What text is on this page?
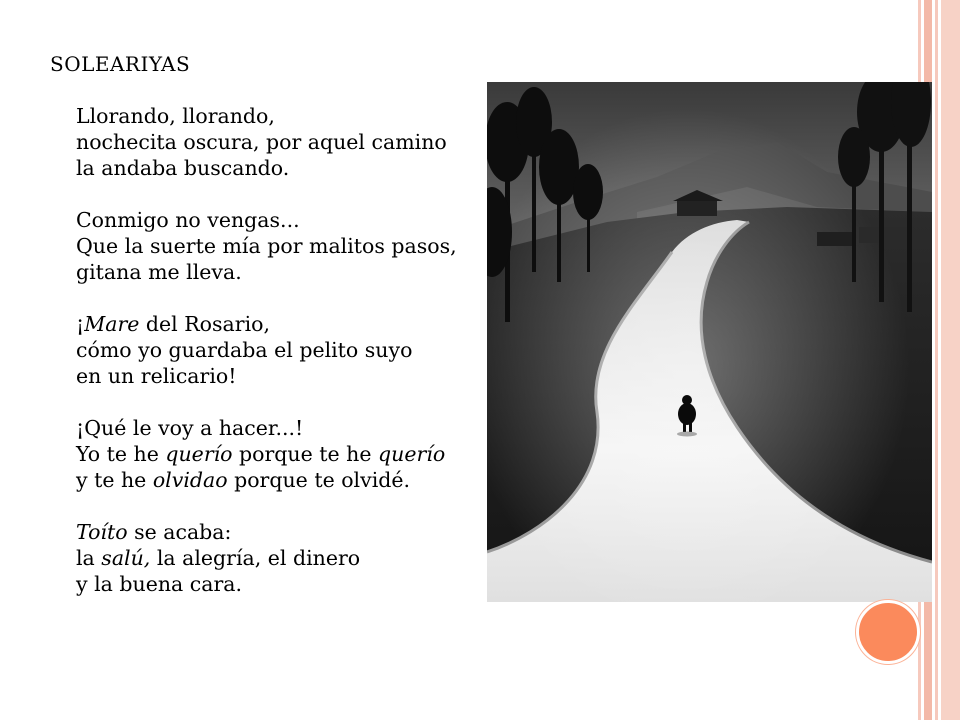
SOLEARIYAS
Llorando, llorando,
nochecita oscura, por aquel camino
la andaba buscando.
Conmigo no vengas...
Que la suerte mía por malitos pasos,
gitana me lleva.
¡Mare del Rosario,
cómo yo guardaba el pelito suyo
en un relicario!
¡Qué le voy a hacer...!
Yo te he querío porque te he querío
y te he olvidao porque te olvidé.
Toíto se acaba:
la salú, la alegría, el dinero
y la buena cara.
